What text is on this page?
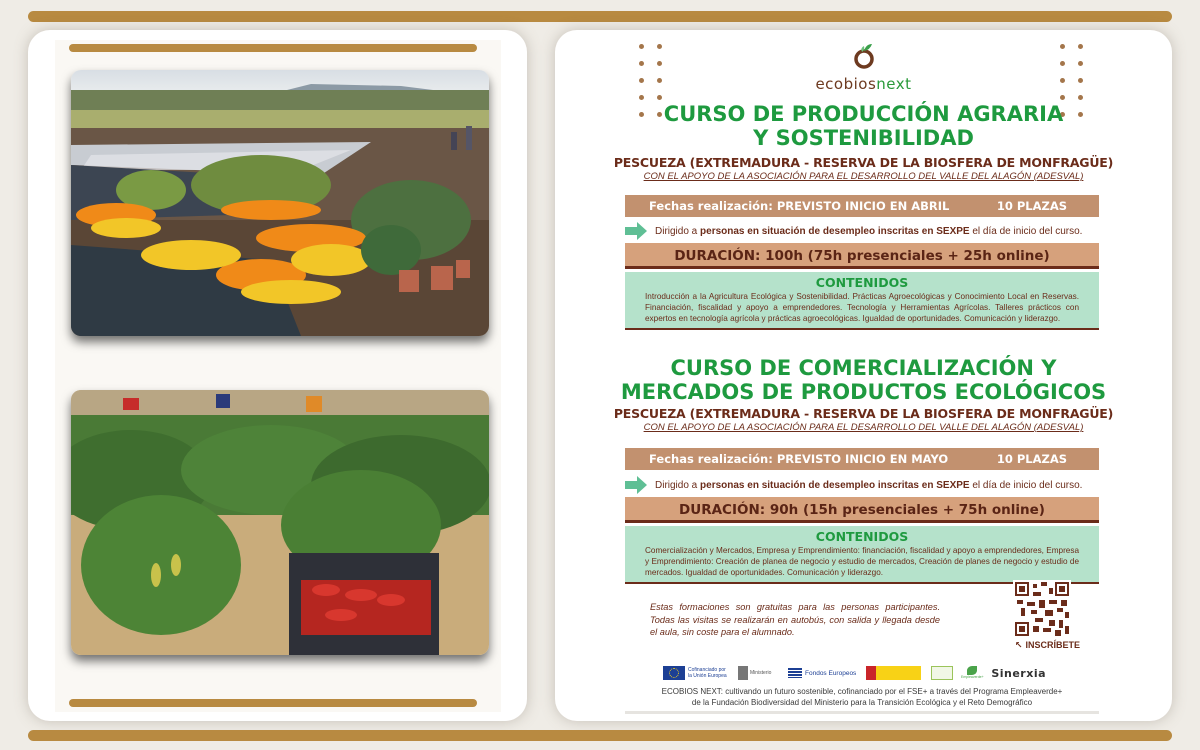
ecobiosnext
CURSO DE PRODUCCIÓN AGRARIA
Y SOSTENIBILIDAD
PESCUEZA (EXTREMADURA - RESERVA DE LA BIOSFERA DE MONFRAGÜE)
CON EL APOYO DE LA ASOCIACIÓN PARA EL DESARROLLO DEL VALLE DEL ALAGÓN (ADESVAL)
Fechas realización: PREVISTO INICIO EN ABRIL	10 PLAZAS
Dirigido a personas en situación de desempleo inscritas en SEXPE el día de inicio del curso.
DURACIÓN: 100h (75h presenciales + 25h online)
CONTENIDOS

Introducción a la Agricultura Ecológica y Sostenibilidad. Prácticas Agroecológicas y Conocimiento Local en Reservas. Financiación, fiscalidad y apoyo a emprendedores. Tecnología y Herramientas Agrícolas. Talleres prácticos con expertos en tecnología agrícola y prácticas agroecológicas. Igualdad de oportunidades. Comunicación y liderazgo.

CURSO DE COMERCIALIZACIÓN Y
MERCADOS DE PRODUCTOS ECOLÓGICOS
PESCUEZA (EXTREMADURA - RESERVA DE LA BIOSFERA DE MONFRAGÜE)
CON EL APOYO DE LA ASOCIACIÓN PARA EL DESARROLLO DEL VALLE DEL ALAGÓN (ADESVAL)
Fechas realización: PREVISTO INICIO EN MAYO	10 PLAZAS
Dirigido a personas en situación de desempleo inscritas en SEXPE el día de inicio del curso.
DURACIÓN: 90h (15h presenciales + 75h online)
CONTENIDOS

Comercialización y Mercados, Empresa y Emprendimiento: financiación, fiscalidad y apoyo a emprendedores, Empresa y Emprendimiento: Creación de planea de negocio y estudio de mercados, Creación de planes de negocio y estudio de mercados. Igualdad de oportunidades. Comunicación y liderazgo.

Estas formaciones son gratuitas para las personas participantes. Todas las visitas se realizarán en autobús, con salida y llegada desde el aula, sin coste para el alumnado.
↖ INSCRÍBETE
Cofinanciado por la Unión Europea	Ministerio	Fondos Europeos
Empleaverde+ Sinerxia
ECOBIOS NEXT: cultivando un futuro sostenible, cofinanciado por el FSE+ a través del Programa Empleaverde+
de la Fundación Biodiversidad del Ministerio para la Transición Ecológica y el Reto Demográfico
